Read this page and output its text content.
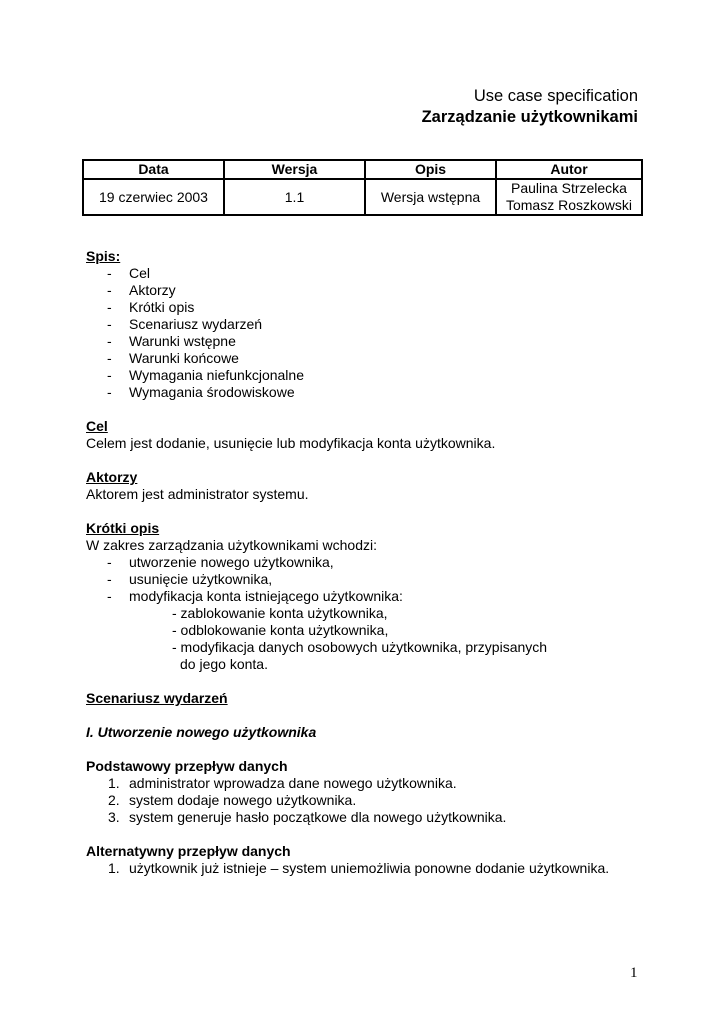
Use case specification
Zarządzanie użytkownikami
Data	Wersja	Opis	Autor
19 czerwiec 2003	1.1	Wersja wstępna	Paulina Strzelecka
Tomasz Roszkowski
Spis:
- Cel
- Aktorzy
- Krótki opis
- Scenariusz wydarzeń
- Warunki wstępne
- Warunki końcowe
- Wymagania niefunkcjonalne
- Wymagania środowiskowe
Cel
Celem jest dodanie, usunięcie lub modyfikacja konta użytkownika.
Aktorzy
Aktorem jest administrator systemu.
Krótki opis
W zakres zarządzania użytkownikami wchodzi:
- utworzenie nowego użytkownika,
- usunięcie użytkownika,
- modyfikacja konta istniejącego użytkownika:
- zablokowanie konta użytkownika,
- odblokowanie konta użytkownika,
- modyfikacja danych osobowych użytkownika, przypisanych
do jego konta.
Scenariusz wydarzeń
I. Utworzenie nowego użytkownika
Podstawowy przepływ danych
1. administrator wprowadza dane nowego użytkownika.
2. system dodaje nowego użytkownika.
3. system generuje hasło początkowe dla nowego użytkownika.
Alternatywny przepływ danych
1. użytkownik już istnieje – system uniemożliwia ponowne dodanie użytkownika.
1
